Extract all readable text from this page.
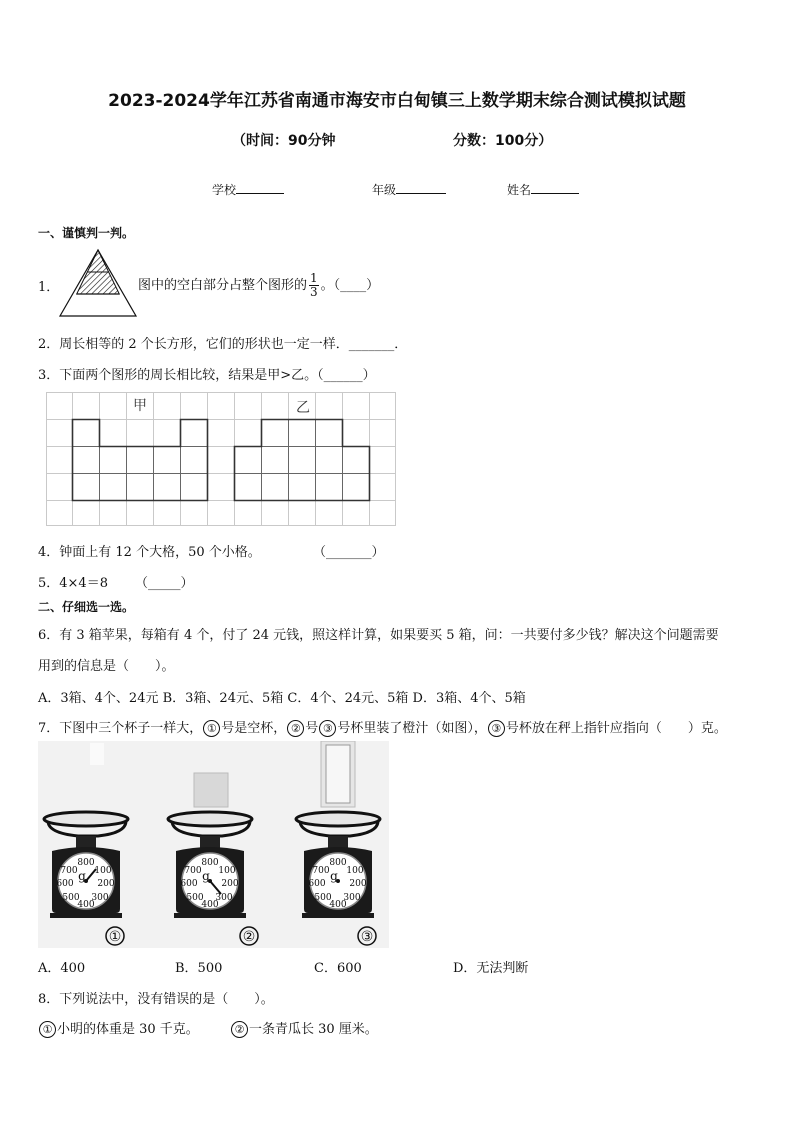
2023-2024学年江苏省南通市海安市白甸镇三上数学期末综合测试模拟试题
（时间：90分钟	分数：100分）
学校	年级	姓名
一、谨慎判一判。
1．	图中的空白部分占整个图形的 $\frac{1}{3}$ 。（____）
2．周长相等的 2 个长方形，它们的形状也一定一样．_______．
3．下面两个图形的周长相比较，结果是甲>乙。（______）
甲	乙
4．钟面上有 12 个大格，50 个小格。	（_______）
5．4×4＝8 （_____）
二、仔细选一选。
6．有 3 箱苹果，每箱有 4 个，付了 24 元钱，照这样计算，如果要买 5 箱，问：一共要付多少钱？解决这个问题需要
用到的信息是（　　）。
A．3箱、4个、24元 B．3箱、24元、5箱 C．4个、24元、5箱 D．3箱、4个、5箱
7．下图中三个杯子一样大， ① 号是空杯， ② 号 ③ 号杯里装了橙汁（如图）， ③ 号杯放在秤上指针应指向（　　）克。
800
100
200
300
400
500
600
700 g
800
100
200
300
400
500
600
700 g
800
100
200
300
400
500
600
700 g
①	②	③
A．400	B．500	C．600	D．无法判断
8．下列说法中，没有错误的是（　　）。
① 小明的体重是 30 千克。	② 一条青瓜长 30 厘米。
